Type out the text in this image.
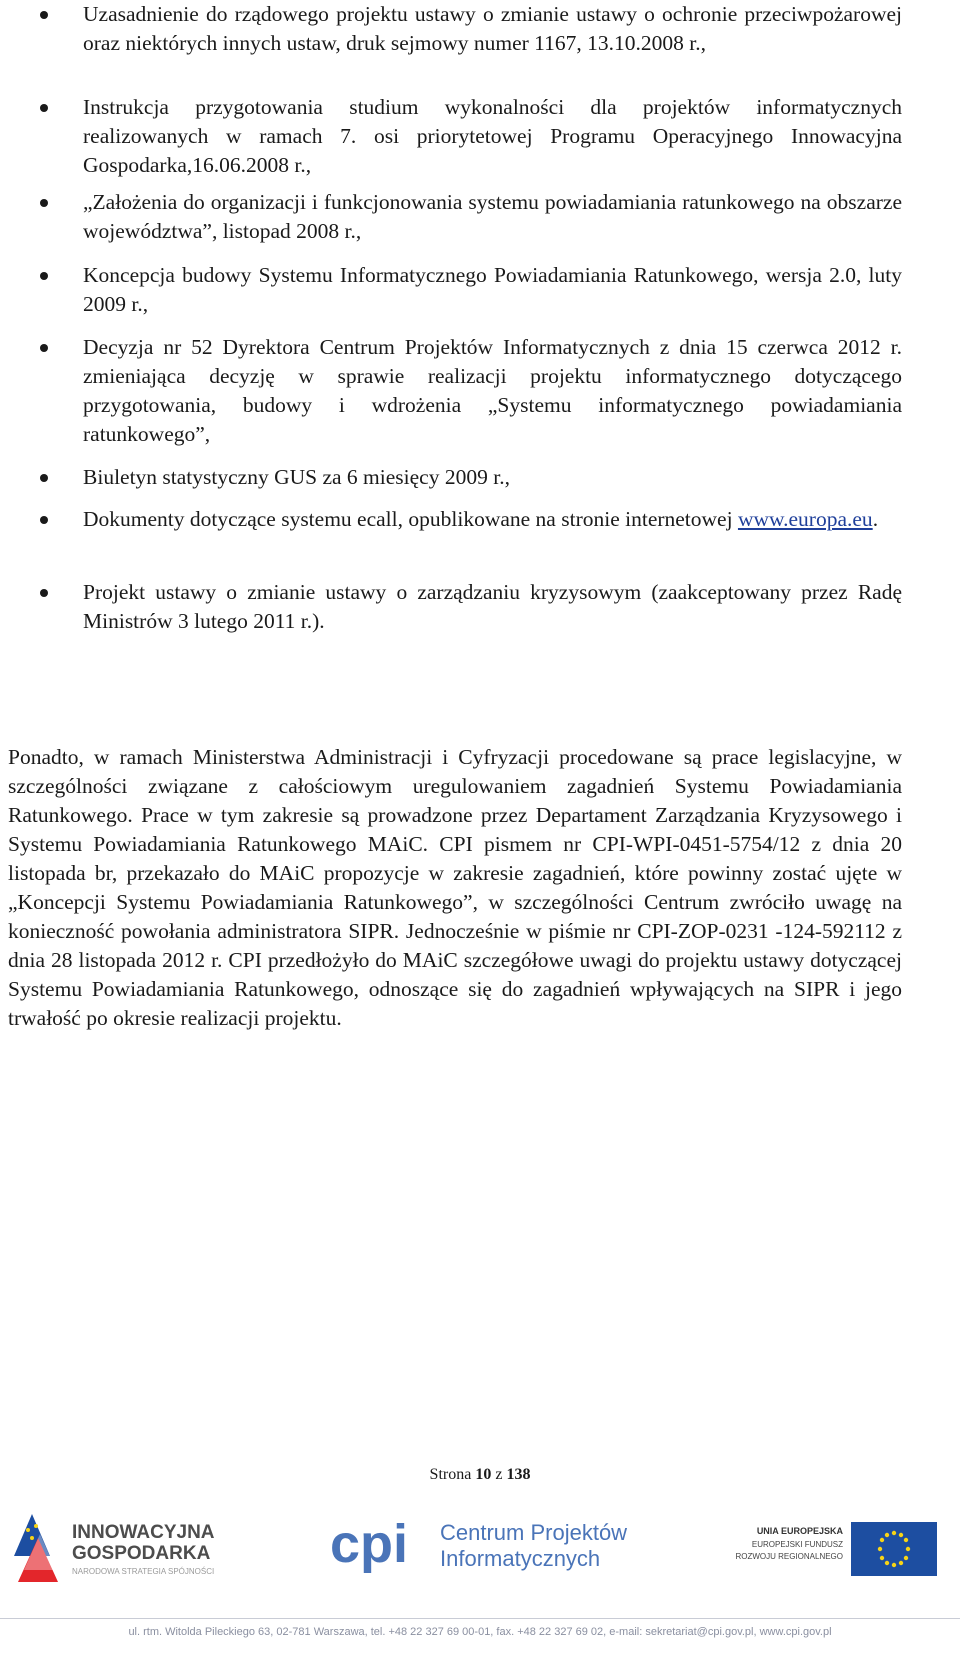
Uzasadnienie do rządowego projektu ustawy o zmianie ustawy o ochronie przeciwpożarowej oraz niektórych innych ustaw, druk sejmowy numer 1167, 13.10.2008 r.,
Instrukcja przygotowania studium wykonalności dla projektów informatycznych realizowanych w ramach 7. osi priorytetowej Programu Operacyjnego Innowacyjna Gospodarka,16.06.2008 r.,
„Założenia do organizacji i funkcjonowania systemu powiadamiania ratunkowego na obszarze województwa”, listopad 2008 r.,
Koncepcja budowy Systemu Informatycznego Powiadamiania Ratunkowego, wersja 2.0, luty 2009 r.,
Decyzja nr 52 Dyrektora Centrum Projektów Informatycznych z dnia 15 czerwca 2012 r. zmieniająca decyzję w sprawie realizacji projektu informatycznego dotyczącego przygotowania, budowy i wdrożenia „Systemu informatycznego powiadamiania ratunkowego”,
Biuletyn statystyczny GUS za 6 miesięcy 2009 r.,
Dokumenty dotyczące systemu ecall, opublikowane na stronie internetowej www.europa.eu.
Projekt ustawy o zmianie ustawy o zarządzaniu kryzysowym (zaakceptowany przez Radę Ministrów 3 lutego 2011 r.).
Ponadto, w ramach Ministerstwa Administracji i Cyfryzacji procedowane są prace legislacyjne, w szczególności związane z całościowym uregulowaniem zagadnień Systemu Powiadamiania Ratunkowego. Prace w tym zakresie są prowadzone przez Departament Zarządzania Kryzysowego i Systemu Powiadamiania Ratunkowego MAiC. CPI pismem nr CPI-WPI-0451-5754/12 z dnia 20 listopada br, przekazało do MAiC propozycje w zakresie zagadnień, które powinny zostać ujęte w „Koncepcji Systemu Powiadamiania Ratunkowego”, w szczególności Centrum zwróciło uwagę na konieczność powołania administratora SIPR. Jednocześnie w piśmie nr CPI-ZOP-0231 -124-592112 z dnia 28 listopada 2012 r. CPI przedłożyło do MAiC szczegółowe uwagi do projektu ustawy dotyczącej Systemu Powiadamiania Ratunkowego, odnoszące się do zagadnień wpływających na SIPR i jego trwałość po okresie realizacji projektu.
Strona 10 z 138
INNOWACYJNA
GOSPODARKA
NARODOWA STRATEGIA SPÓJNOŚCI cpi Centrum Projektów
Informatycznych
UNIA EUROPEJSKA
EUROPEJSKI FUNDUSZ
ROZWOJU REGIONALNEGO
ul. rtm. Witolda Pileckiego 63, 02-781 Warszawa, tel. +48 22 327 69 00-01, fax. +48 22 327 69 02, e-mail: sekretariat@cpi.gov.pl, www.cpi.gov.pl
